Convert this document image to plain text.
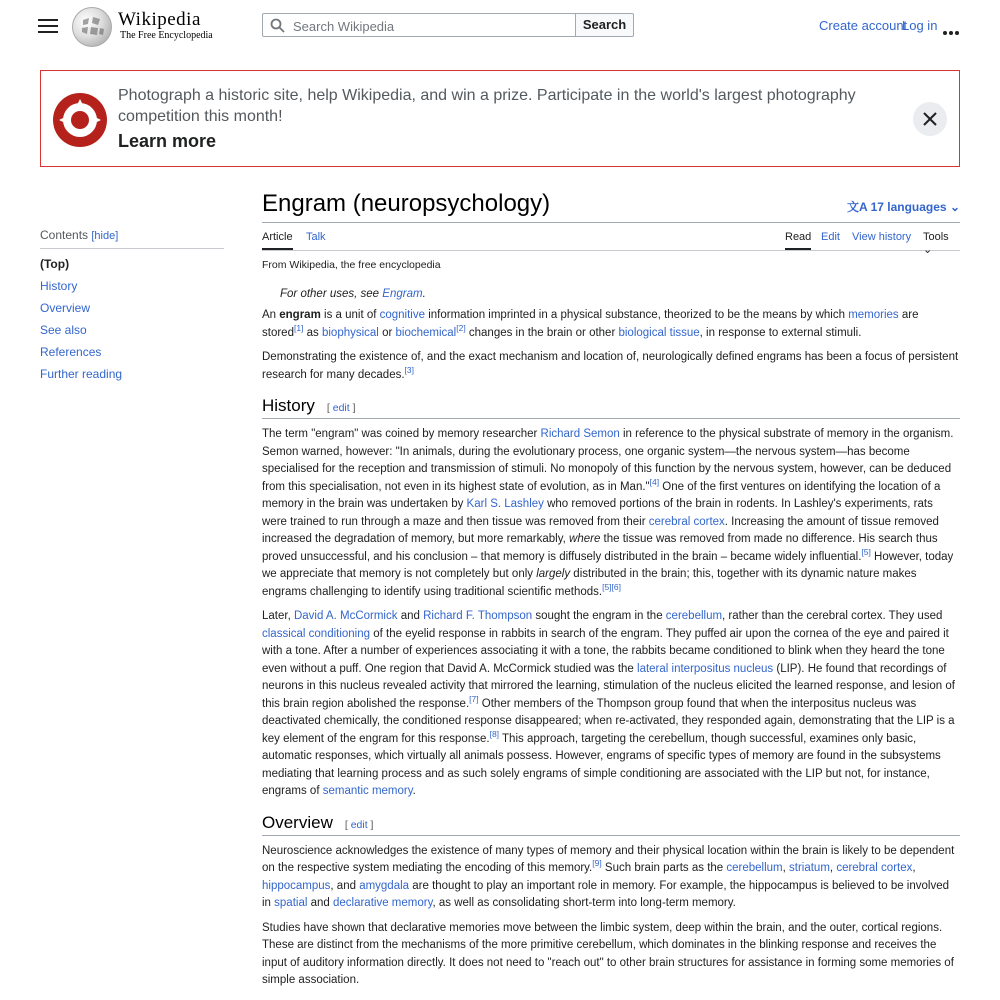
Wikipedia
The Free Encyclopedia
Search Wikipedia
Search	Create account
Log in
Photograph a historic site, help Wikipedia, and win a prize. Participate in the world's largest photography competition this month!
Learn more
Contents [hide]
(Top)
History
Overview
See also
References
Further reading
Engram (neuropsychology)	文A 17 languages ⌄
Article Talk	Read Edit View history Tools ⌄
From Wikipedia, the free encyclopedia
For other uses, see Engram.

An engram is a unit of cognitive information imprinted in a physical substance, theorized to be the means by which memories are stored[1] as biophysical or biochemical[2] changes in the brain or other biological tissue, in response to external stimuli.

Demonstrating the existence of, and the exact mechanism and location of, neurologically defined engrams has been a focus of persistent research for many decades.[3]

History [ edit ]

The term "engram" was coined by memory researcher Richard Semon in reference to the physical substrate of memory in the organism. Semon warned, however: "In animals, during the evolutionary process, one organic system—the nervous system—has become specialised for the reception and transmission of stimuli. No monopoly of this function by the nervous system, however, can be deduced from this specialisation, not even in its highest state of evolution, as in Man."[4] One of the first ventures on identifying the location of a memory in the brain was undertaken by Karl S. Lashley who removed portions of the brain in rodents. In Lashley's experiments, rats were trained to run through a maze and then tissue was removed from their cerebral cortex. Increasing the amount of tissue removed increased the degradation of memory, but more remarkably, where the tissue was removed from made no difference. His search thus proved unsuccessful, and his conclusion – that memory is diffusely distributed in the brain – became widely influential.[5] However, today we appreciate that memory is not completely but only largely distributed in the brain; this, together with its dynamic nature makes engrams challenging to identify using traditional scientific methods.[5][6]

Later, David A. McCormick and Richard F. Thompson sought the engram in the cerebellum, rather than the cerebral cortex. They used classical conditioning of the eyelid response in rabbits in search of the engram. They puffed air upon the cornea of the eye and paired it with a tone. After a number of experiences associating it with a tone, the rabbits became conditioned to blink when they heard the tone even without a puff. One region that David A. McCormick studied was the lateral interpositus nucleus (LIP). He found that recordings of neurons in this nucleus revealed activity that mirrored the learning, stimulation of the nucleus elicited the learned response, and lesion of this brain region abolished the response.[7] Other members of the Thompson group found that when the interpositus nucleus was deactivated chemically, the conditioned response disappeared; when re-activated, they responded again, demonstrating that the LIP is a key element of the engram for this response.[8] This approach, targeting the cerebellum, though successful, examines only basic, automatic responses, which virtually all animals possess. However, engrams of specific types of memory are found in the subsystems mediating that learning process and as such solely engrams of simple conditioning are associated with the LIP but not, for instance, engrams of semantic memory.

Overview [ edit ]

Neuroscience acknowledges the existence of many types of memory and their physical location within the brain is likely to be dependent on the respective system mediating the encoding of this memory.[9] Such brain parts as the cerebellum, striatum, cerebral cortex, hippocampus, and amygdala are thought to play an important role in memory. For example, the hippocampus is believed to be involved in spatial and declarative memory, as well as consolidating short-term into long-term memory.

Studies have shown that declarative memories move between the limbic system, deep within the brain, and the outer, cortical regions. These are distinct from the mechanisms of the more primitive cerebellum, which dominates in the blinking response and receives the input of auditory information directly. It does not need to "reach out" to other brain structures for assistance in forming some memories of simple association.
